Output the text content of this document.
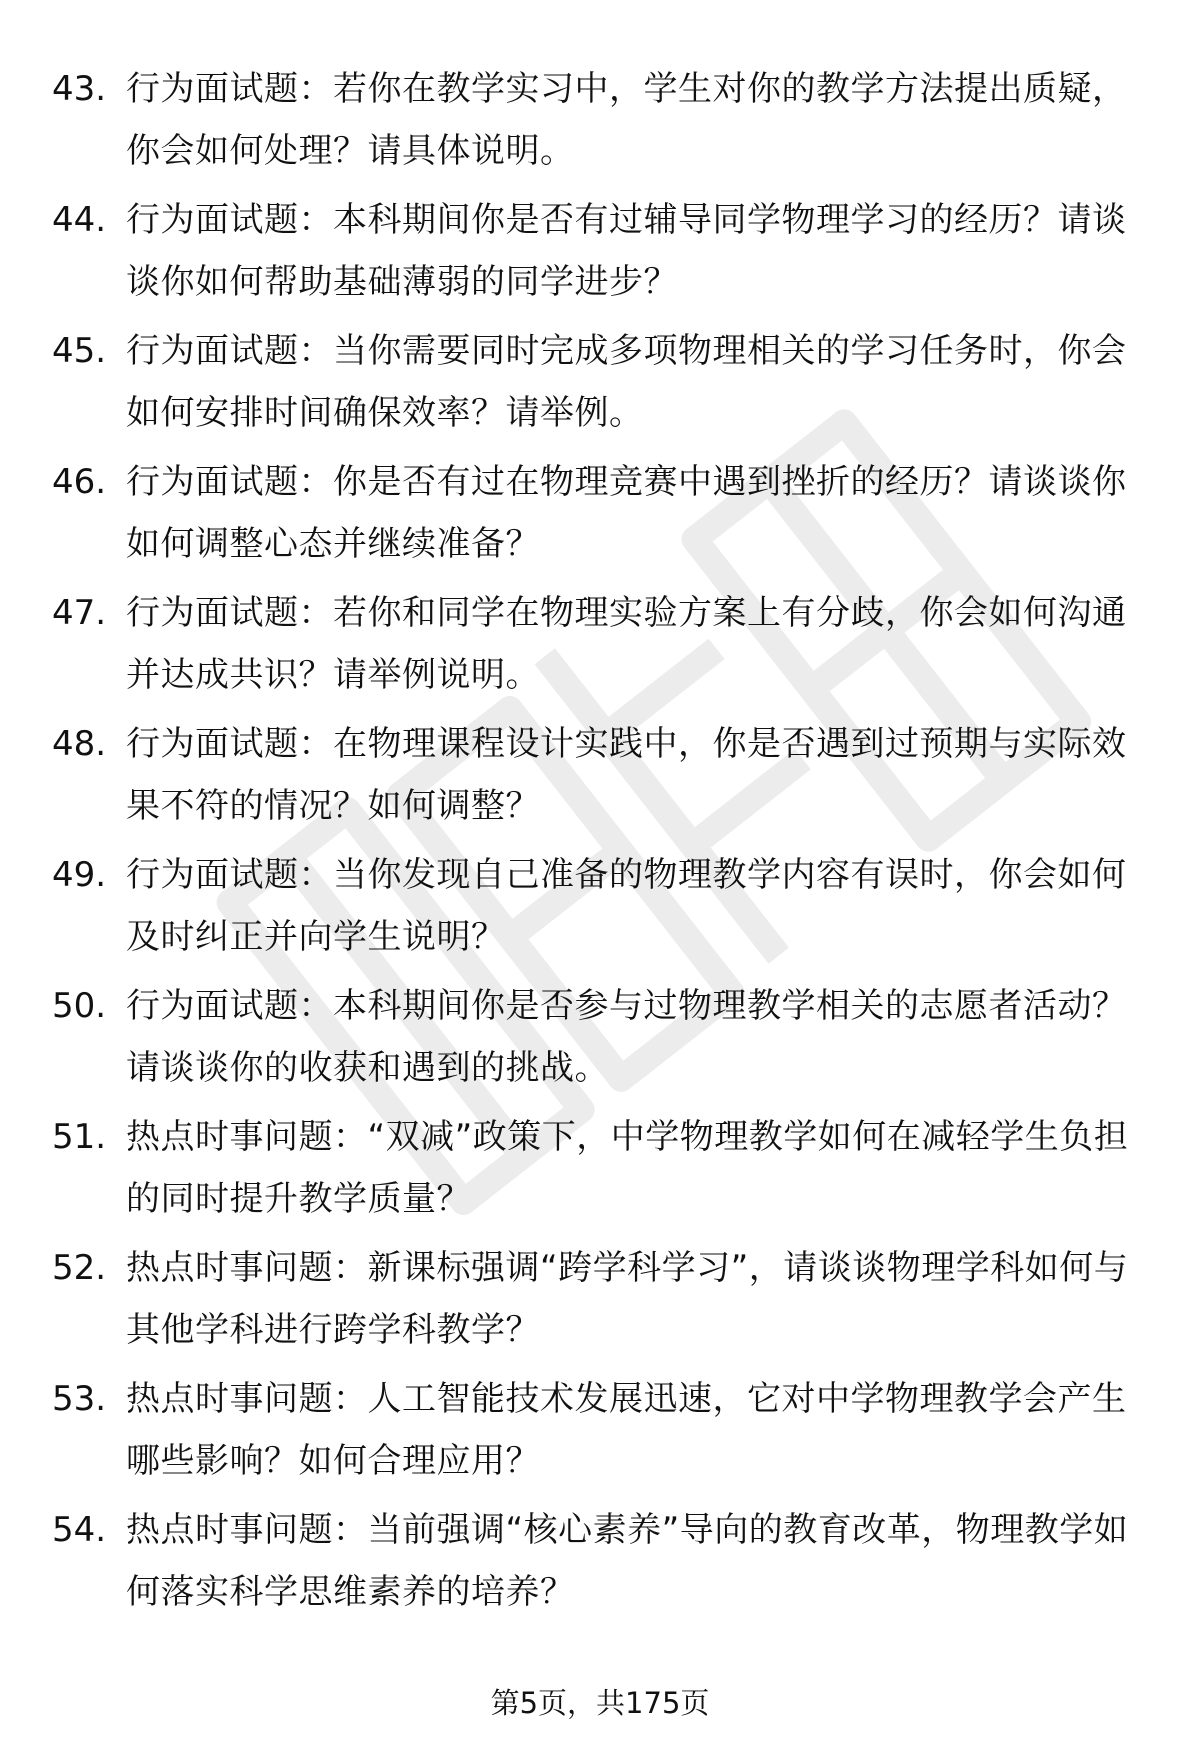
43. 行为面试题：若你在教学实习中，学生对你的教学方法提出质疑，你会如何处理？请具体说明。
44. 行为面试题：本科期间你是否有过辅导同学物理学习的经历？请谈谈你如何帮助基础薄弱的同学进步？
45. 行为面试题：当你需要同时完成多项物理相关的学习任务时，你会如何安排时间确保效率？请举例。
46. 行为面试题：你是否有过在物理竞赛中遇到挫折的经历？请谈谈你如何调整心态并继续准备？
47. 行为面试题：若你和同学在物理实验方案上有分歧，你会如何沟通并达成共识？请举例说明。
48. 行为面试题：在物理课程设计实践中，你是否遇到过预期与实际效果不符的情况？如何调整？
49. 行为面试题：当你发现自己准备的物理教学内容有误时，你会如何及时纠正并向学生说明？
50. 行为面试题：本科期间你是否参与过物理教学相关的志愿者活动？请谈谈你的收获和遇到的挑战。
51. 热点时事问题：“双减”政策下，中学物理教学如何在减轻学生负担的同时提升教学质量？
52. 热点时事问题：新课标强调“跨学科学习”，请谈谈物理学科如何与其他学科进行跨学科教学？
53. 热点时事问题：人工智能技术发展迅速，它对中学物理教学会产生哪些影响？如何合理应用？
54. 热点时事问题：当前强调“核心素养”导向的教育改革，物理教学如何落实科学思维素养的培养？
第5页，共175页
